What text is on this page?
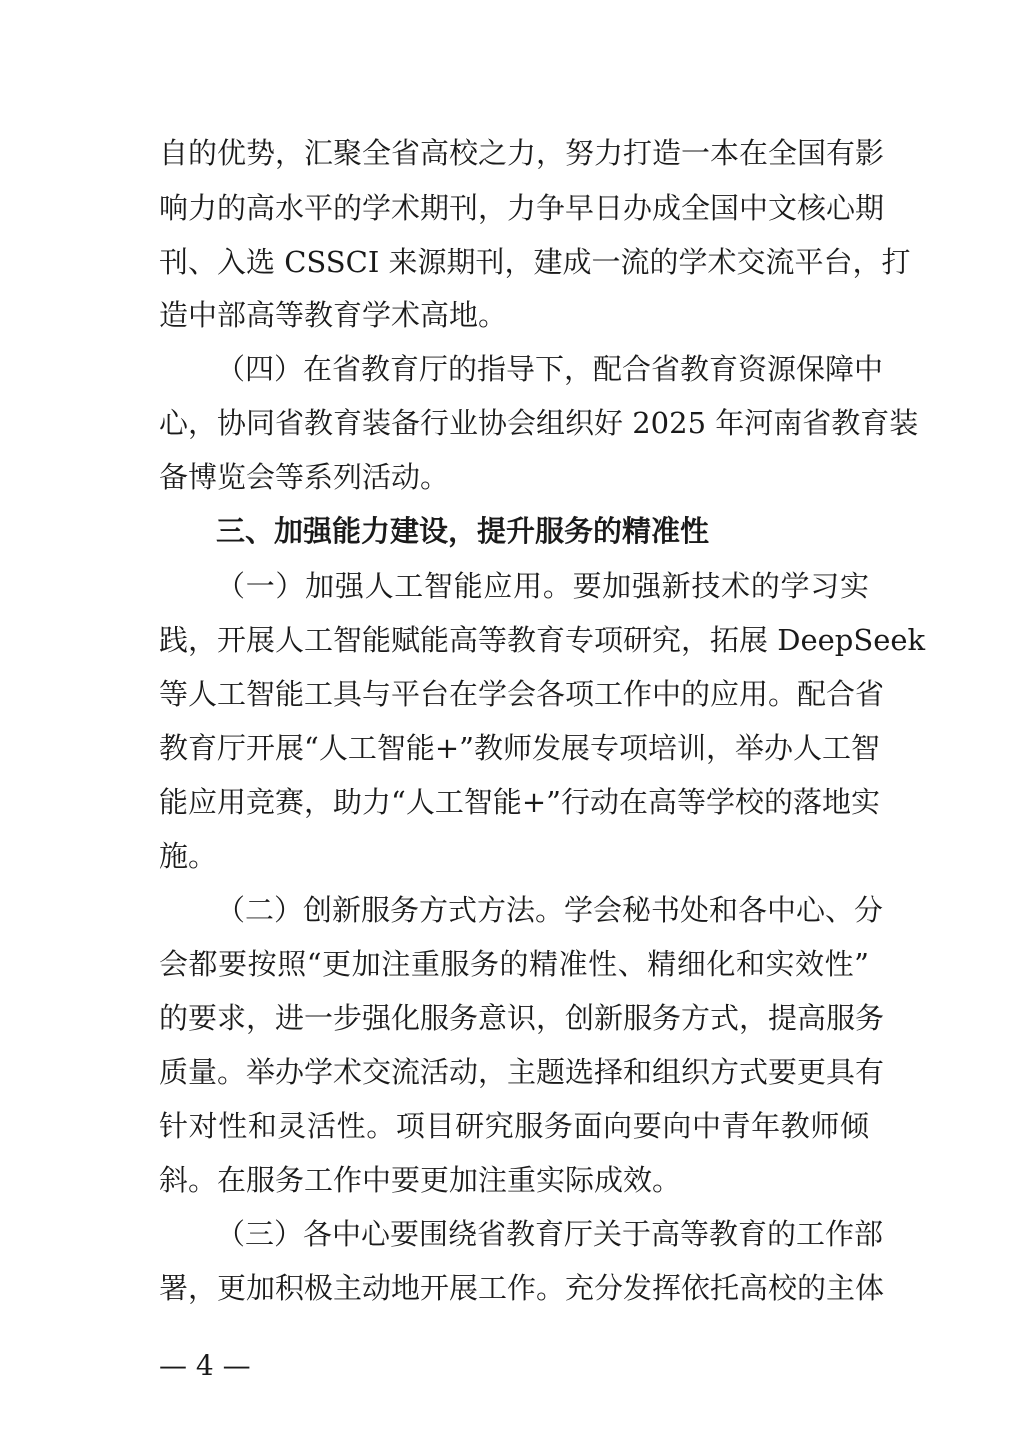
自的优势，汇聚全省高校之力，努力打造一本在全国有影
响力的高水平的学术期刊，力争早日办成全国中文核心期
刊、入选 CSSCI 来源期刊，建成一流的学术交流平台，打
造中部高等教育学术高地。
（四）在省教育厅的指导下，配合省教育资源保障中
心，协同省教育装备行业协会组织好 2025 年河南省教育装
备博览会等系列活动。
三、加强能力建设，提升服务的精准性
（一）加强人工智能应用。要加强新技术的学习实
践，开展人工智能赋能高等教育专项研究，拓展 DeepSeek
等人工智能工具与平台在学会各项工作中的应用。配合省
教育厅开展“人工智能+”教师发展专项培训，举办人工智
能应用竞赛，助力“人工智能+”行动在高等学校的落地实
施。
（二）创新服务方式方法。学会秘书处和各中心、分
会都要按照“更加注重服务的精准性、精细化和实效性”
的要求，进一步强化服务意识，创新服务方式，提高服务
质量。举办学术交流活动，主题选择和组织方式要更具有
针对性和灵活性。项目研究服务面向要向中青年教师倾
斜。在服务工作中要更加注重实际成效。
（三）各中心要围绕省教育厅关于高等教育的工作部
署，更加积极主动地开展工作。充分发挥依托高校的主体
— 4 —
